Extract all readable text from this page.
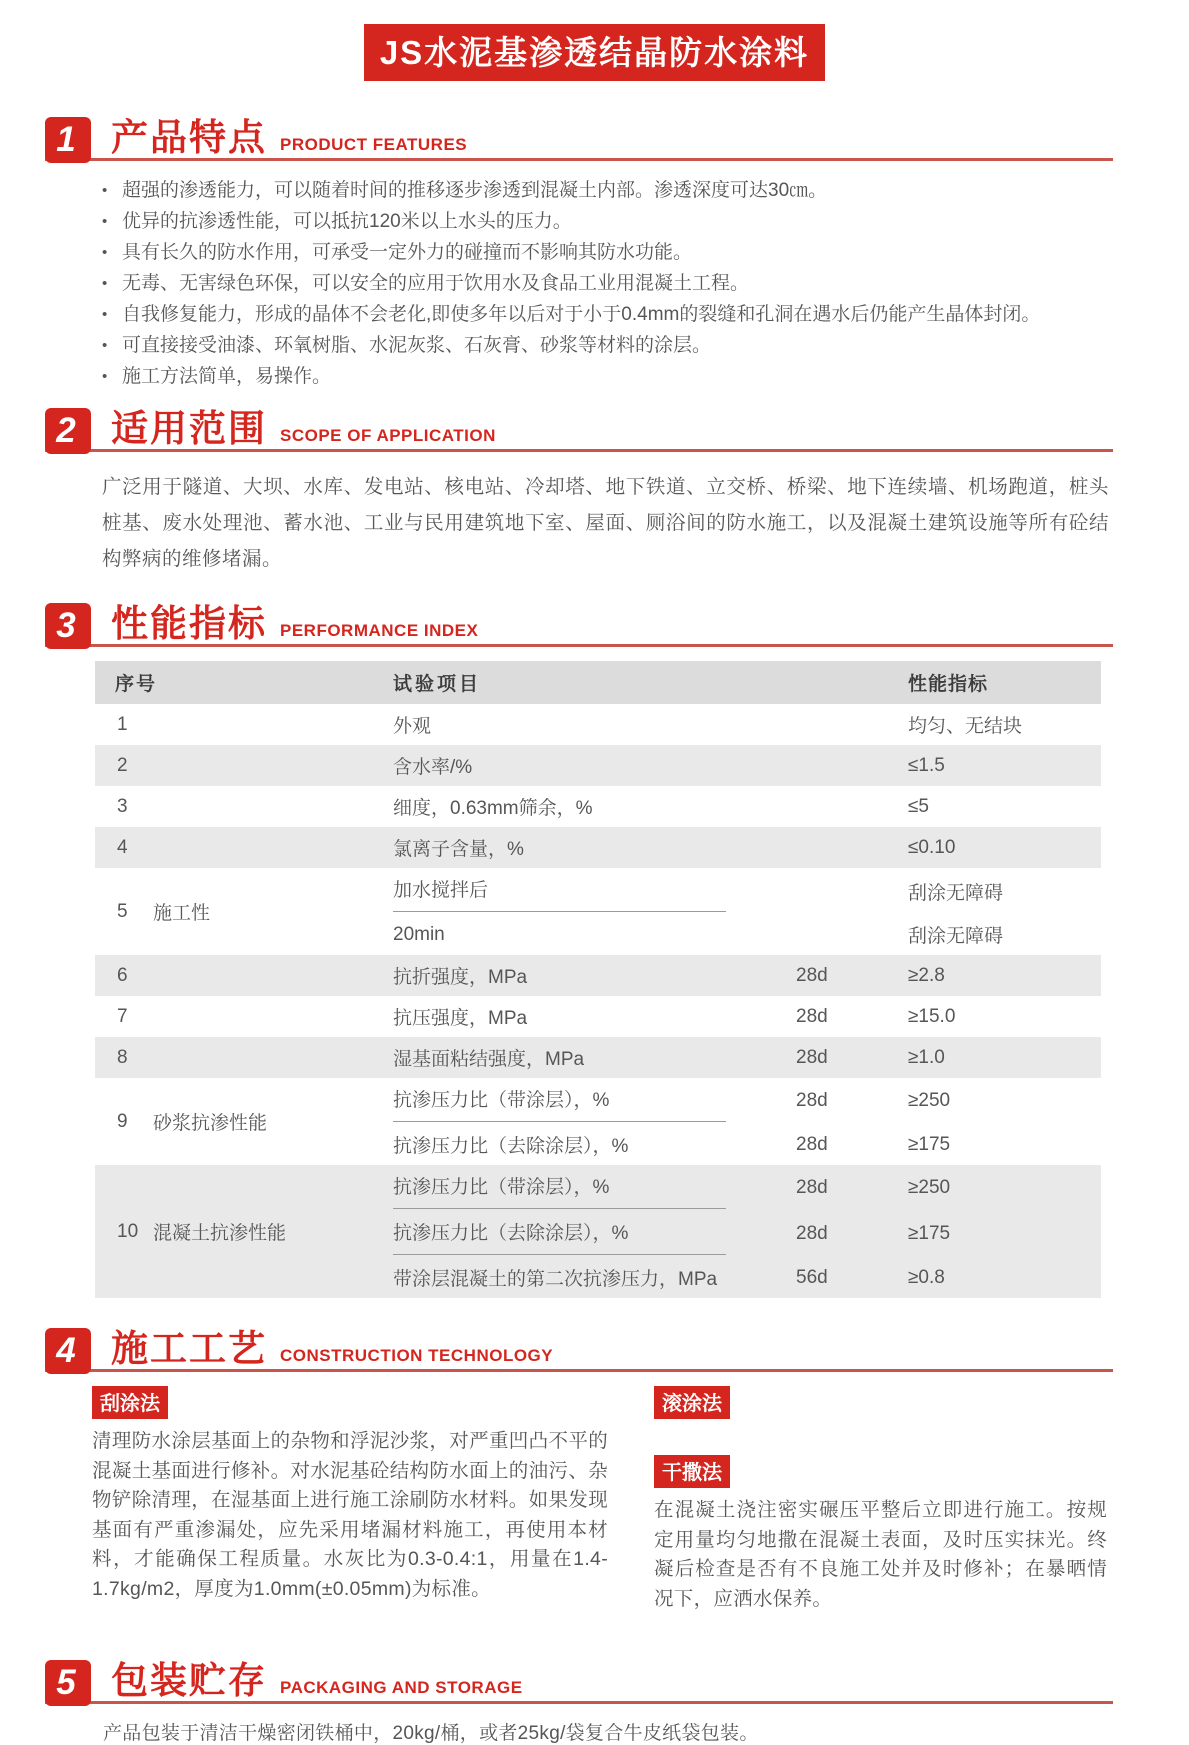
JS水泥基渗透结晶防水涂料
1 产品特点 PRODUCT FEATURES
• 超强的渗透能力，可以随着时间的推移逐步渗透到混凝土内部。渗透深度可达30㎝。
• 优异的抗渗透性能，可以抵抗120米以上水头的压力。
• 具有长久的防水作用，可承受一定外力的碰撞而不影响其防水功能。
• 无毒、无害绿色环保，可以安全的应用于饮用水及食品工业用混凝土工程。
• 自我修复能力，形成的晶体不会老化,即使多年以后对于小于0.4mm的裂缝和孔洞在遇水后仍能产生晶体封闭。
• 可直接接受油漆、环氧树脂、水泥灰浆、石灰膏、砂浆等材料的涂层。
• 施工方法简单，易操作。
2 适用范围 SCOPE OF APPLICATION
广泛用于隧道、大坝、水库、发电站、核电站、冷却塔、地下铁道、立交桥、桥梁、地下连续墙、机场跑道，桩头桩基、废水处理池、蓄水池、工业与民用建筑地下室、屋面、厕浴间的防水施工，以及混凝土建筑设施等所有砼结构弊病的维修堵漏。
3 性能指标 PERFORMANCE INDEX
序号	试验项目	性能指标
1	外观	均匀、无结块
2	含水率/%	≤1.5
3	细度，0.63mm筛余，%	≤5
4	氯离子含量，%	≤0.10
5	施工性
加水搅拌后	刮涂无障碍
20min	刮涂无障碍
6	抗折强度，MPa	28d	≥2.8
7	抗压强度，MPa	28d	≥15.0
8	湿基面粘结强度，MPa	28d	≥1.0
9	砂浆抗渗性能
抗渗压力比（带涂层），%	28d	≥250
抗渗压力比（去除涂层），%	28d	≥175
10 混凝土抗渗性能
抗渗压力比（带涂层），%	28d	≥250
抗渗压力比（去除涂层），%	28d	≥175
带涂层混凝土的第二次抗渗压力，MPa	56d	≥0.8
4 施工工艺 CONSTRUCTION TECHNOLOGY
刮涂法
清理防水涂层基面上的杂物和浮泥沙浆，对严重凹凸不平的混凝土基面进行修补。对水泥基砼结构防水面上的油污、杂物铲除清理，在湿基面上进行施工涂刷防水材料。如果发现基面有严重渗漏处，应先采用堵漏材料施工，再使用本材料，才能确保工程质量。水灰比为0.3-0.4:1，用量在1.4-1.7kg/m2，厚度为1.0mm(±0.05mm)为标准。
滚涂法
干撒法
在混凝土浇注密实碾压平整后立即进行施工。按规定用量均匀地撒在混凝土表面，及时压实抹光。终凝后检查是否有不良施工处并及时修补；在暴晒情况下，应洒水保养。
5 包装贮存 PACKAGING AND STORAGE
产品包装于清洁干燥密闭铁桶中，20kg/桶，或者25kg/袋复合牛皮纸袋包装。
